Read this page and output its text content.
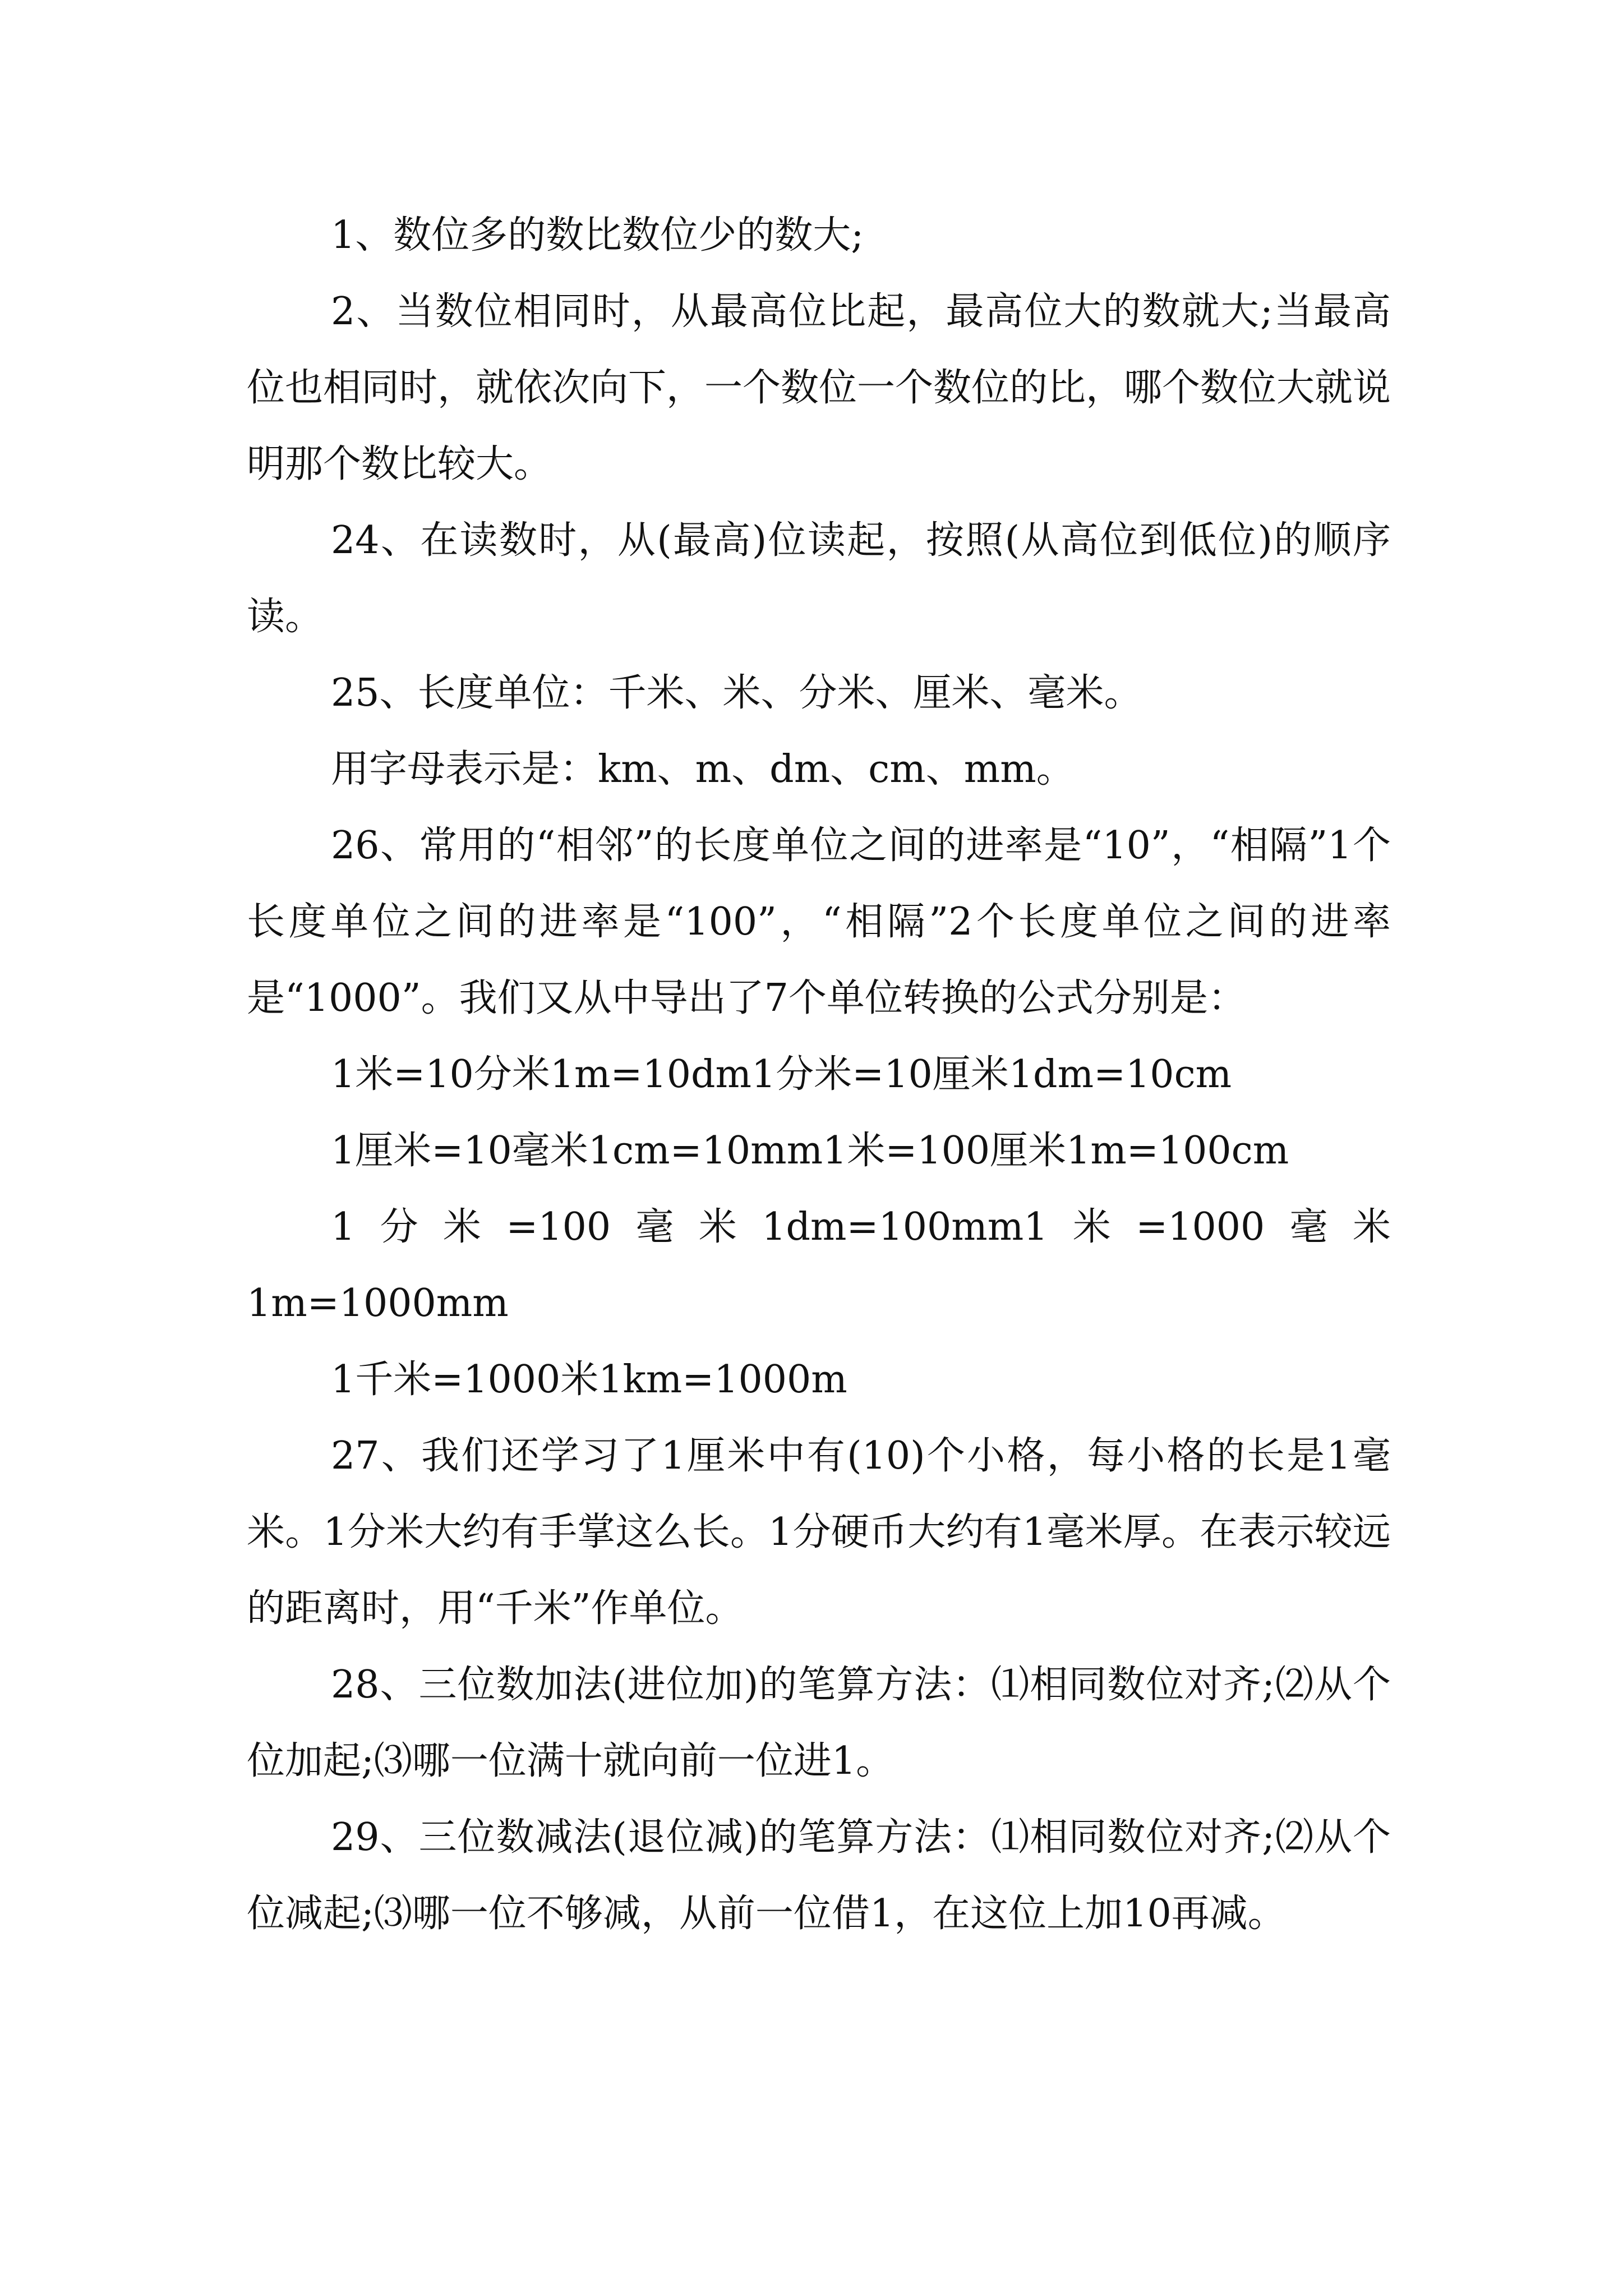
1、数位多的数比数位少的数大;

2、当数位相同时，从最高位比起，最高位大的数就大;当最高位也相同时，就依次向下，一个数位一个数位的比，哪个数位大就说明那个数比较大。

24、在读数时，从(最高)位读起，按照(从高位到低位)的顺序读。

25、长度单位：千米、米、分米、厘米、毫米。

用字母表示是：km、m、dm、cm、mm。

26、常用的“相邻”的长度单位之间的进率是“10”，“相隔”1个长度单位之间的进率是“100”，“相隔”2个长度单位之间的进率是“1000”。我们又从中导出了7个单位转换的公式分别是：

1米=10分米1m=10dm1分米=10厘米1dm=10cm

1厘米=10毫米1cm=10mm1米=100厘米1m=100cm

1分米=100毫米1dm=100mm1米=1000毫米1m=1000mm

1千米=1000米1km=1000m

27、我们还学习了1厘米中有(10)个小格，每小格的长是1毫米。1分米大约有手掌这么长。1分硬币大约有1毫米厚。在表示较远的距离时，用“千米”作单位。

28、三位数加法(进位加)的笔算方法：⑴相同数位对齐;⑵从个位加起;⑶哪一位满十就向前一位进1。

29、三位数减法(退位减)的笔算方法：⑴相同数位对齐;⑵从个位减起;⑶哪一位不够减，从前一位借1，在这位上加10再减。
